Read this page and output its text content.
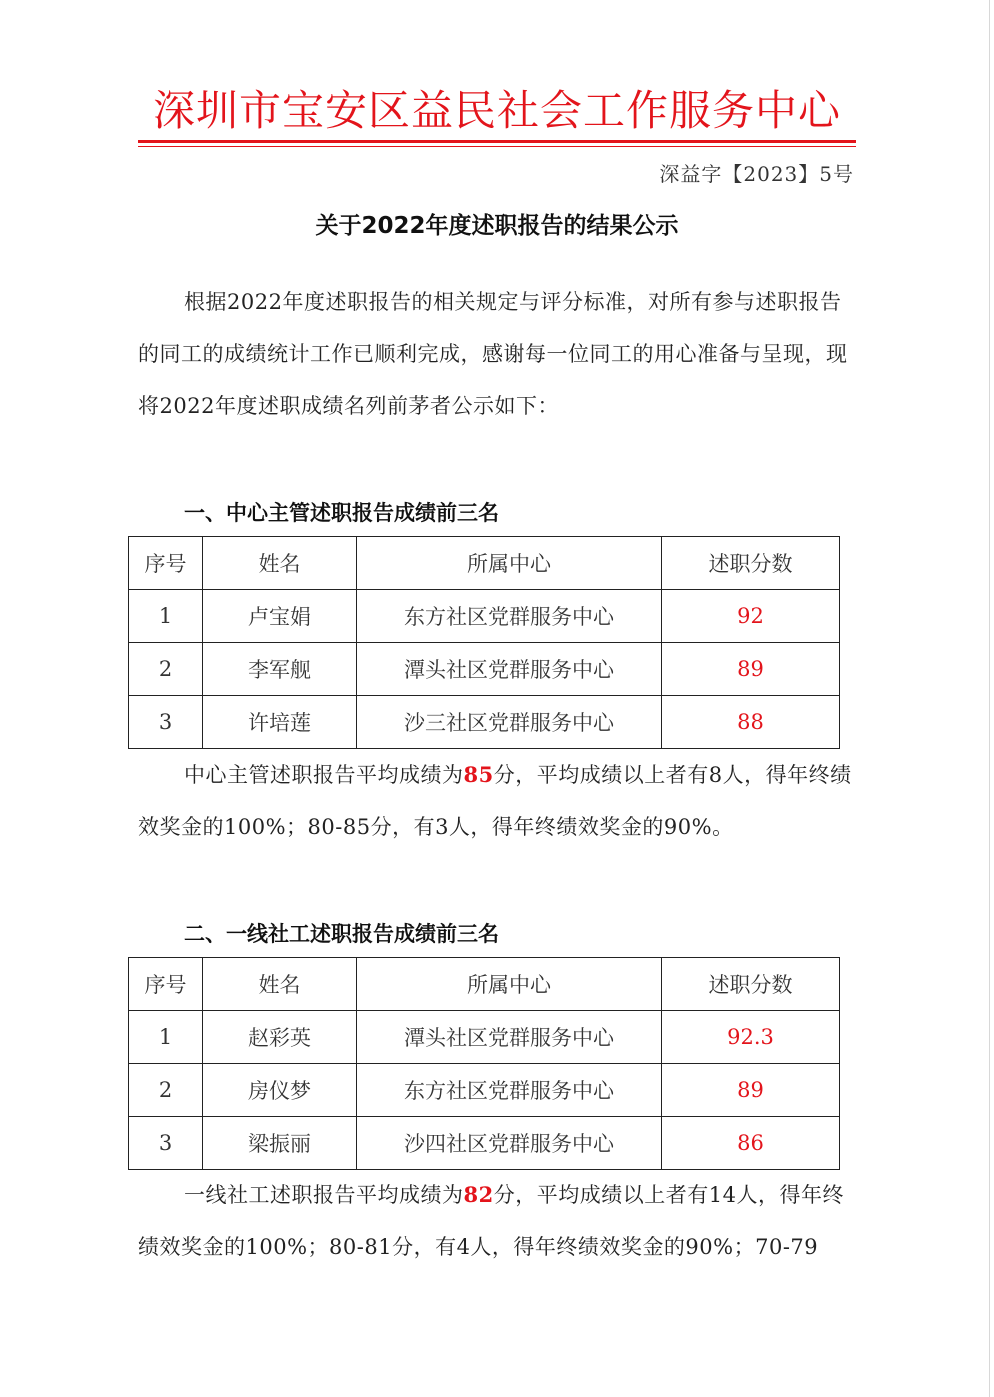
深圳市宝安区益民社会工作服务中心
深益字【2023】5号
关于2022年度述职报告的结果公示
根据2022年度述职报告的相关规定与评分标准，对所有参与述职报告的同工的成绩统计工作已顺利完成，感谢每一位同工的用心准备与呈现，现将2022年度述职成绩名列前茅者公示如下：
一、中心主管述职报告成绩前三名
序号	姓名	所属中心	述职分数
1	卢宝娟	东方社区党群服务中心	92
2	李军舰	潭头社区党群服务中心	89
3	许培莲	沙三社区党群服务中心	88
中心主管述职报告平均成绩为85分，平均成绩以上者有8人，得年终绩效奖金的100%；80-85分，有3人，得年终绩效奖金的90%。
二、一线社工述职报告成绩前三名
序号	姓名	所属中心	述职分数
1	赵彩英	潭头社区党群服务中心	92.3
2	房仪梦	东方社区党群服务中心	89
3	梁振丽	沙四社区党群服务中心	86
一线社工述职报告平均成绩为82分，平均成绩以上者有14人，得年终绩效奖金的100%；80-81分，有4人，得年终绩效奖金的90%；70-79
